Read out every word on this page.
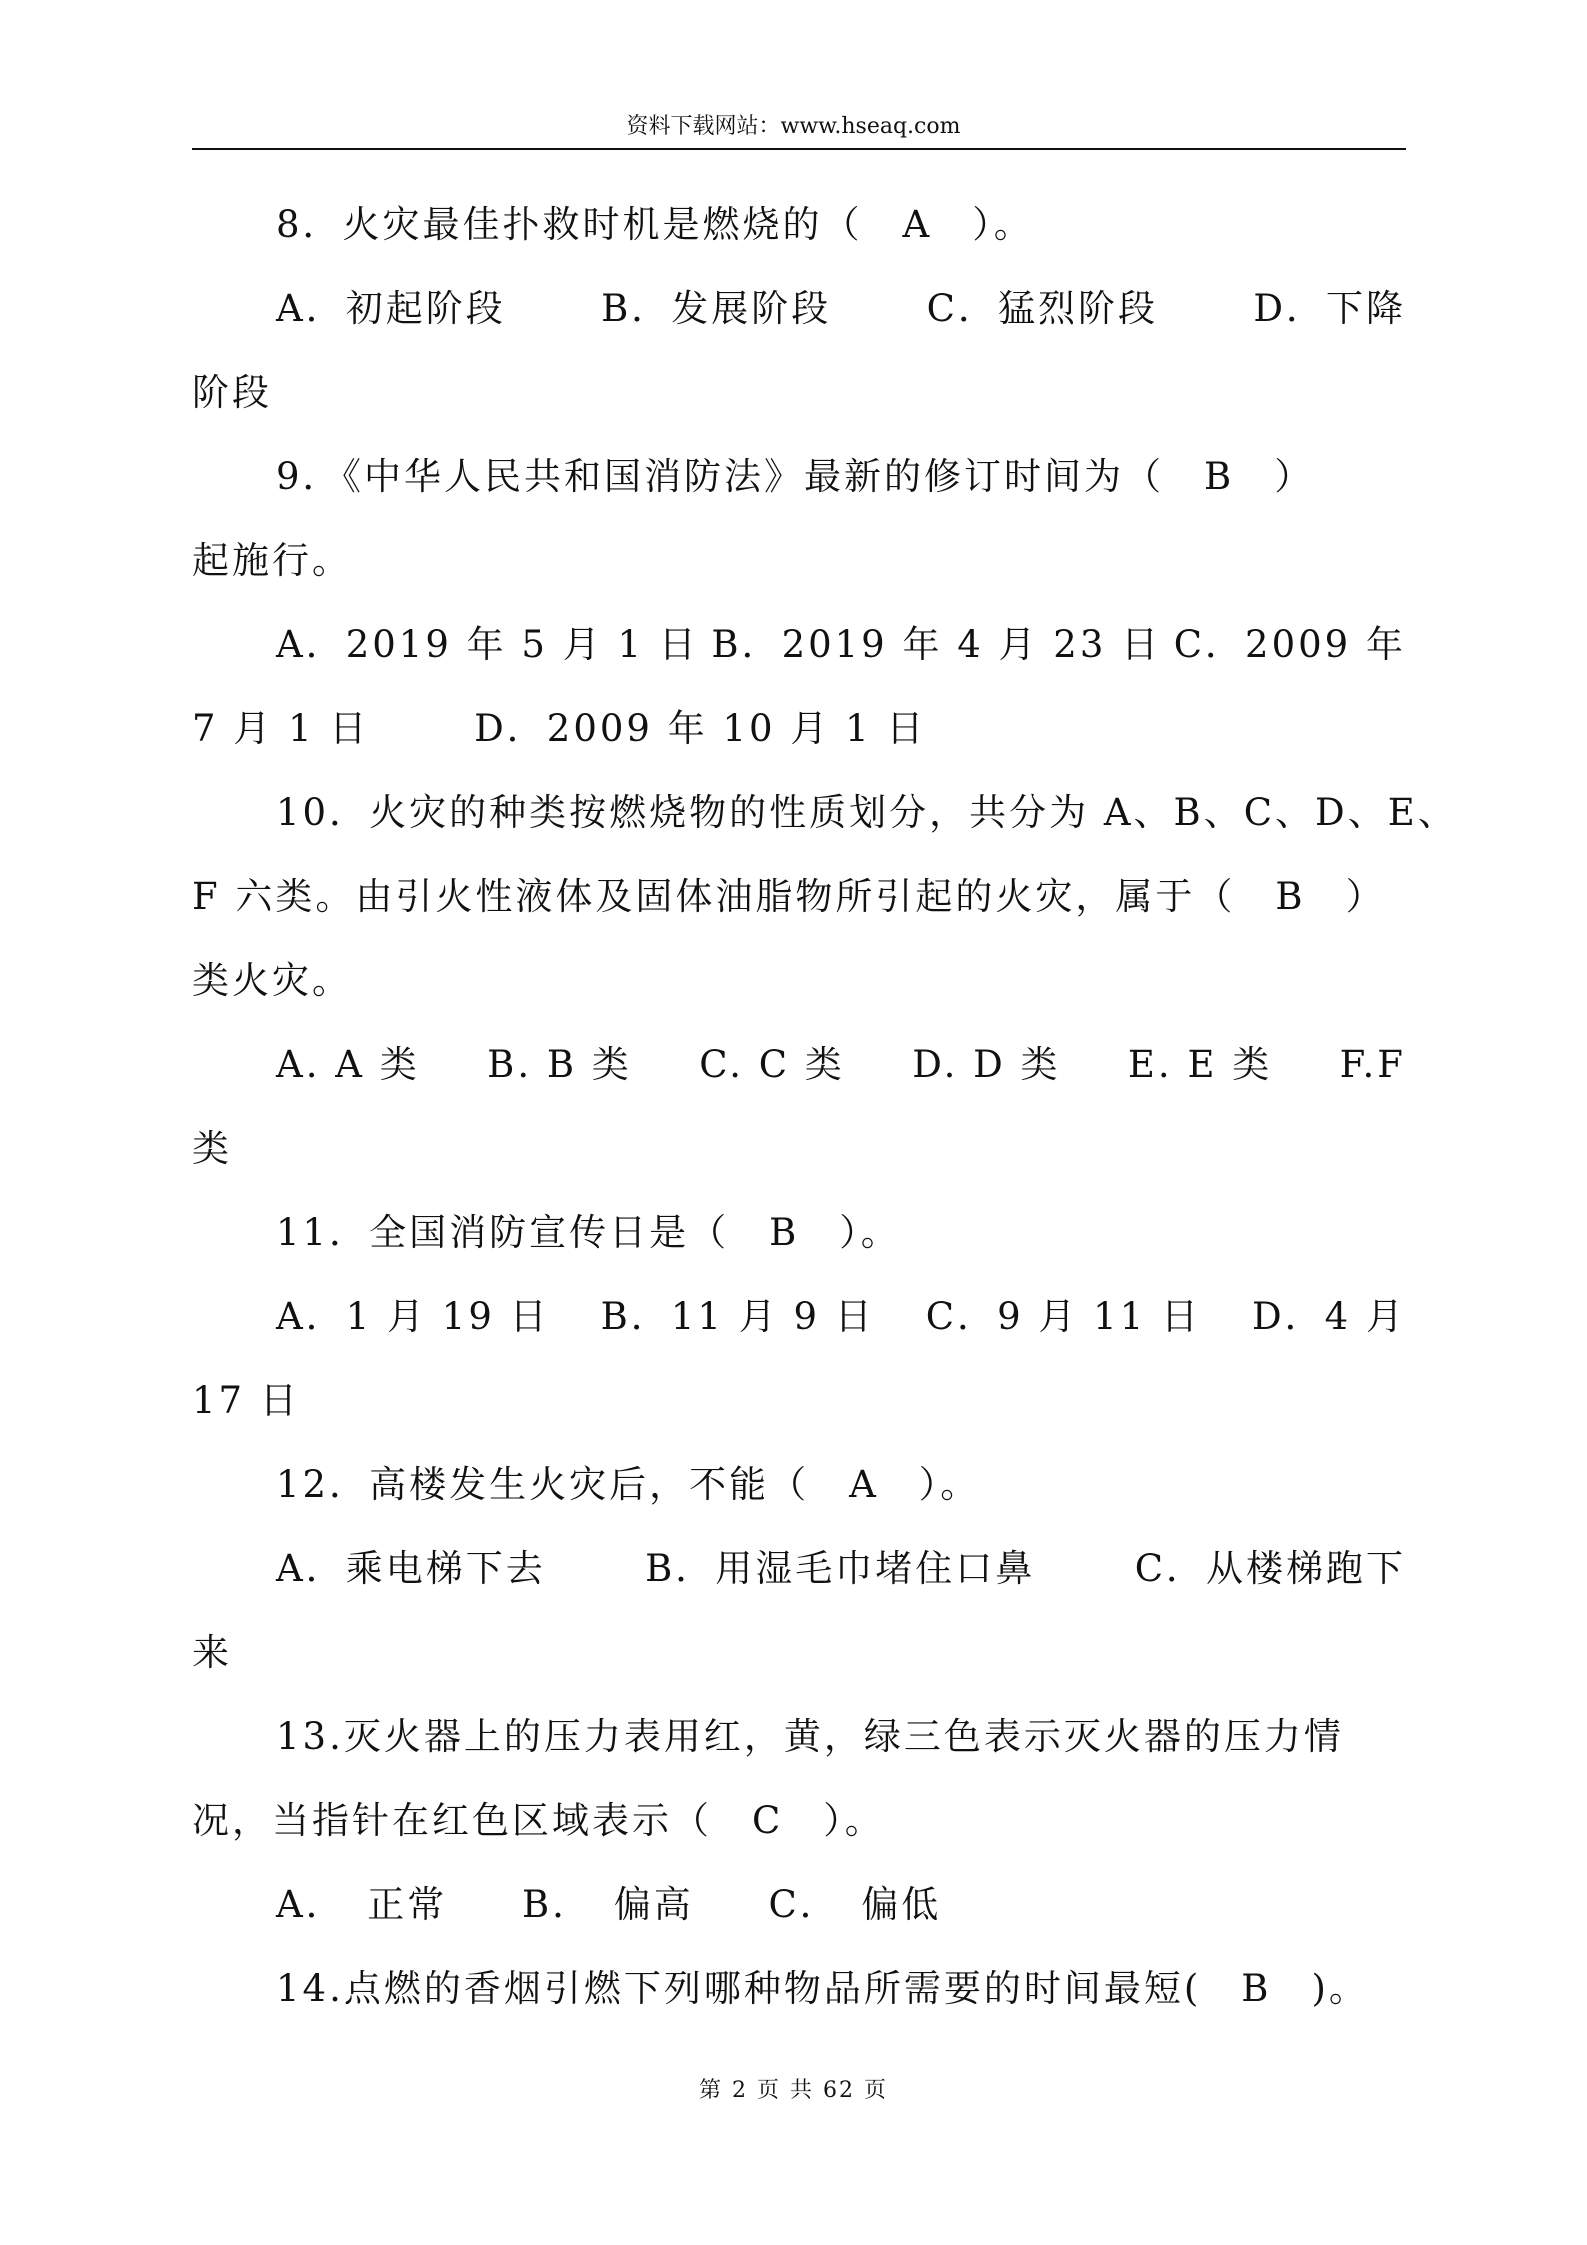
资料下载网站：www.hseaq.com
8．火灾最佳扑救时机是燃烧的（　A　）。
A．初起阶段	B．发展阶段	C．猛烈阶段	D．下降
阶段
9．《中华人民共和国消防法》最新的修订时间为（　B　）
起施行。
A．2019 年 5 月 1 日 B．2019 年 4 月 23 日 C．2009 年
7 月 1 日	D．2009 年 10 月 1 日
10．火灾的种类按燃烧物的性质划分，共分为 A、B、C、D、E、
F 六类。由引火性液体及固体油脂物所引起的火灾，属于（　B　）
类火灾。
A. A 类 B. B 类 C. C 类 D. D 类 E. E 类 F.F
类
11．全国消防宣传日是（　B　）。
A．1 月 19 日 B．11 月 9 日 C．9 月 11 日 D．4 月
17 日
12．高楼发生火灾后，不能（　A　）。
A．乘电梯下去	B．用湿毛巾堵住口鼻	C．从楼梯跑下
来
13.灭火器上的压力表用红，黄，绿三色表示灭火器的压力情
况，当指针在红色区域表示（　C　）。
A．　正常 B．　偏高 C．　偏低
14.点燃的香烟引燃下列哪种物品所需要的时间最短(　B　)。
第 2 页 共 62 页
